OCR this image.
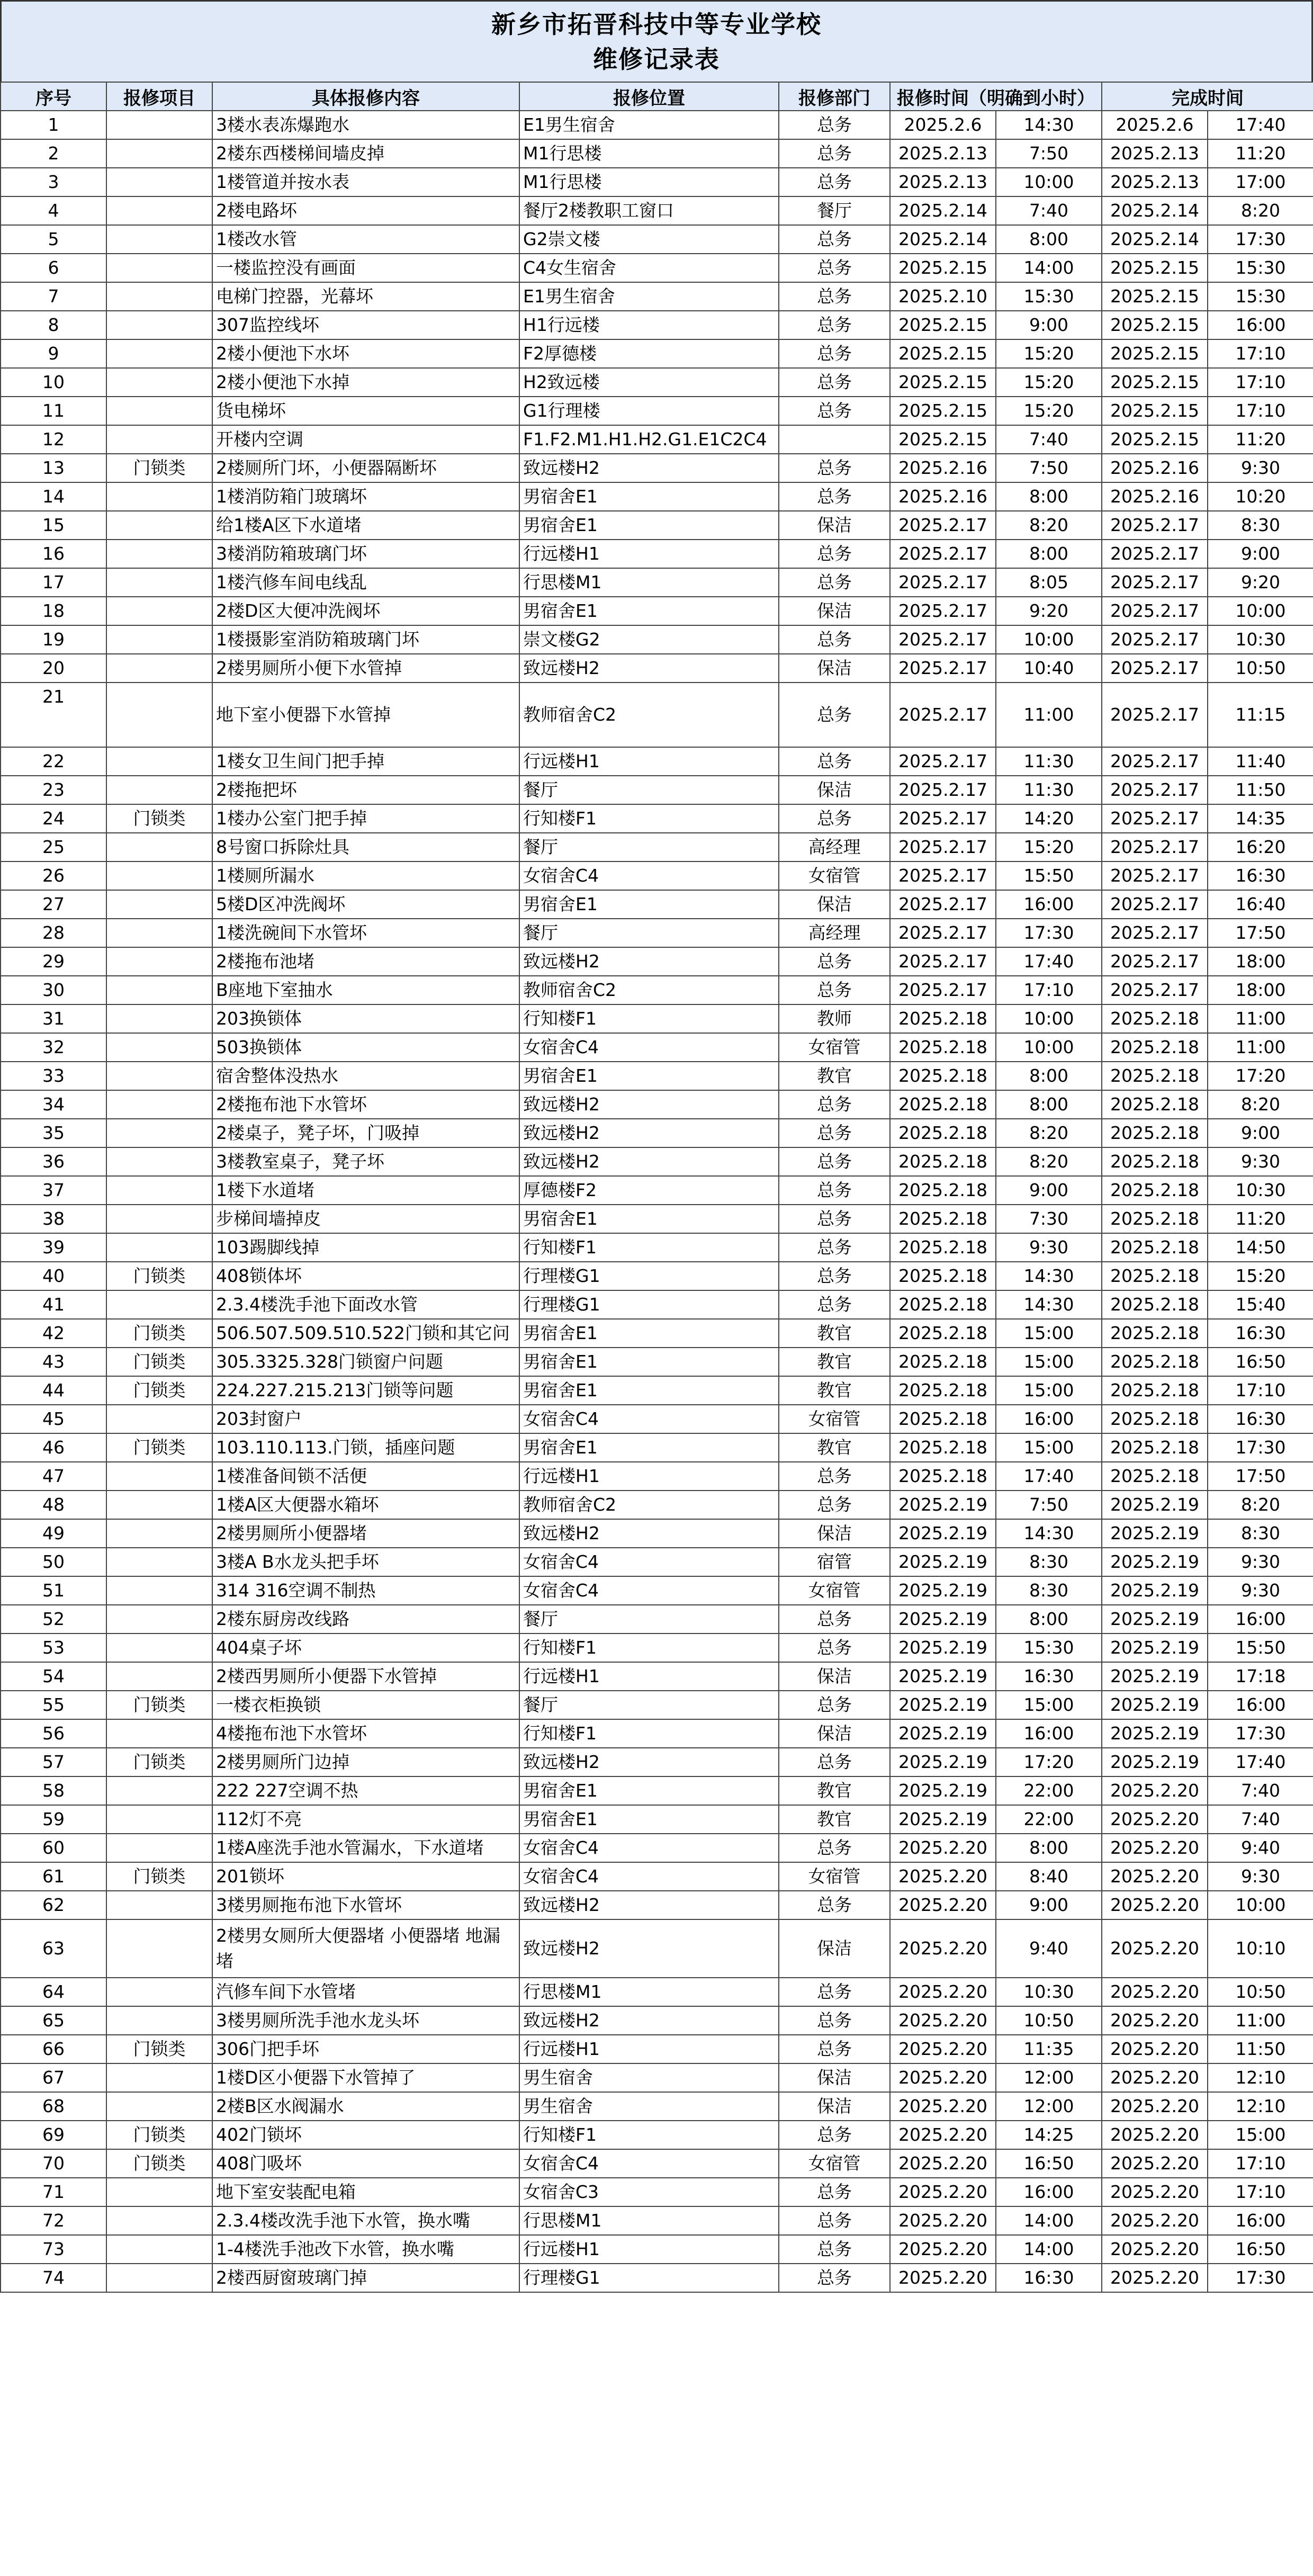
新乡市拓晋科技中等专业学校
维修记录表
序号	报修项目	具体报修内容	报修位置	报修部门	报修时间（明确到小时）		完成时间	
1		3楼水表冻爆跑水	E1男生宿舍	总务	2025.2.6	14:30	2025.2.6	17:40
2		2楼东西楼梯间墙皮掉	M1行思楼	总务	2025.2.13	7:50	2025.2.13	11:20
3		1楼管道并按水表	M1行思楼	总务	2025.2.13	10:00	2025.2.13	17:00
4		2楼电路坏	餐厅2楼教职工窗口	餐厅	2025.2.14	7:40	2025.2.14	8:20
5		1楼改水管	G2崇文楼	总务	2025.2.14	8:00	2025.2.14	17:30
6		一楼监控没有画面	C4女生宿舍	总务	2025.2.15	14:00	2025.2.15	15:30
7		电梯门控器，光幕坏	E1男生宿舍	总务	2025.2.10	15:30	2025.2.15	15:30
8		307监控线坏	H1行远楼	总务	2025.2.15	9:00	2025.2.15	16:00
9		2楼小便池下水坏	F2厚德楼	总务	2025.2.15	15:20	2025.2.15	17:10
10		2楼小便池下水掉	H2致远楼	总务	2025.2.15	15:20	2025.2.15	17:10
11		货电梯坏	G1行理楼	总务	2025.2.15	15:20	2025.2.15	17:10
12		开楼内空调	F1.F2.M1.H1.H2.G1.E1C2C4		2025.2.15	7:40	2025.2.15	11:20
13	门锁类	2楼厕所门坏，小便器隔断坏	致远楼H2	总务	2025.2.16	7:50	2025.2.16	9:30
14		1楼消防箱门玻璃坏	男宿舍E1	总务	2025.2.16	8:00	2025.2.16	10:20
15		给1楼A区下水道堵	男宿舍E1	保洁	2025.2.17	8:20	2025.2.17	8:30
16		3楼消防箱玻璃门坏	行远楼H1	总务	2025.2.17	8:00	2025.2.17	9:00
17		1楼汽修车间电线乱	行思楼M1	总务	2025.2.17	8:05	2025.2.17	9:20
18		2楼D区大便冲洗阀坏	男宿舍E1	保洁	2025.2.17	9:20	2025.2.17	10:00
19		1楼摄影室消防箱玻璃门坏	崇文楼G2	总务	2025.2.17	10:00	2025.2.17	10:30
20		2楼男厕所小便下水管掉	致远楼H2	保洁	2025.2.17	10:40	2025.2.17	10:50
21		地下室小便器下水管掉	教师宿舍C2	总务	2025.2.17	11:00	2025.2.17	11:15
22		1楼女卫生间门把手掉	行远楼H1	总务	2025.2.17	11:30	2025.2.17	11:40
23		2楼拖把坏	餐厅	保洁	2025.2.17	11:30	2025.2.17	11:50
24	门锁类	1楼办公室门把手掉	行知楼F1	总务	2025.2.17	14:20	2025.2.17	14:35
25		8号窗口拆除灶具	餐厅	高经理	2025.2.17	15:20	2025.2.17	16:20
26		1楼厕所漏水	女宿舍C4	女宿管	2025.2.17	15:50	2025.2.17	16:30
27		5楼D区冲洗阀坏	男宿舍E1	保洁	2025.2.17	16:00	2025.2.17	16:40
28		1楼洗碗间下水管坏	餐厅	高经理	2025.2.17	17:30	2025.2.17	17:50
29		2楼拖布池堵	致远楼H2	总务	2025.2.17	17:40	2025.2.17	18:00
30		B座地下室抽水	教师宿舍C2	总务	2025.2.17	17:10	2025.2.17	18:00
31		203换锁体	行知楼F1	教师	2025.2.18	10:00	2025.2.18	11:00
32		503换锁体	女宿舍C4	女宿管	2025.2.18	10:00	2025.2.18	11:00
33		宿舍整体没热水	男宿舍E1	教官	2025.2.18	8:00	2025.2.18	17:20
34		2楼拖布池下水管坏	致远楼H2	总务	2025.2.18	8:00	2025.2.18	8:20
35		2楼桌子，凳子坏，门吸掉	致远楼H2	总务	2025.2.18	8:20	2025.2.18	9:00
36		3楼教室桌子，凳子坏	致远楼H2	总务	2025.2.18	8:20	2025.2.18	9:30
37		1楼下水道堵	厚德楼F2	总务	2025.2.18	9:00	2025.2.18	10:30
38		步梯间墙掉皮	男宿舍E1	总务	2025.2.18	7:30	2025.2.18	11:20
39		103踢脚线掉	行知楼F1	总务	2025.2.18	9:30	2025.2.18	14:50
40	门锁类	408锁体坏	行理楼G1	总务	2025.2.18	14:30	2025.2.18	15:20
41		2.3.4楼洗手池下面改水管	行理楼G1	总务	2025.2.18	14:30	2025.2.18	15:40
42	门锁类	506.507.509.510.522门锁和其它问	男宿舍E1	教官	2025.2.18	15:00	2025.2.18	16:30
43	门锁类	305.3325.328门锁窗户问题	男宿舍E1	教官	2025.2.18	15:00	2025.2.18	16:50
44	门锁类	224.227.215.213门锁等问题	男宿舍E1	教官	2025.2.18	15:00	2025.2.18	17:10
45		203封窗户	女宿舍C4	女宿管	2025.2.18	16:00	2025.2.18	16:30
46	门锁类	103.110.113.门锁，插座问题	男宿舍E1	教官	2025.2.18	15:00	2025.2.18	17:30
47		1楼准备间锁不活便	行远楼H1	总务	2025.2.18	17:40	2025.2.18	17:50
48		1楼A区大便器水箱坏	教师宿舍C2	总务	2025.2.19	7:50	2025.2.19	8:20
49		2楼男厕所小便器堵	致远楼H2	保洁	2025.2.19	14:30	2025.2.19	8:30
50		3楼A B水龙头把手坏	女宿舍C4	宿管	2025.2.19	8:30	2025.2.19	9:30
51		314 316空调不制热	女宿舍C4	女宿管	2025.2.19	8:30	2025.2.19	9:30
52		2楼东厨房改线路	餐厅	总务	2025.2.19	8:00	2025.2.19	16:00
53		404桌子坏	行知楼F1	总务	2025.2.19	15:30	2025.2.19	15:50
54		2楼西男厕所小便器下水管掉	行远楼H1	保洁	2025.2.19	16:30	2025.2.19	17:18
55	门锁类	一楼衣柜换锁	餐厅	总务	2025.2.19	15:00	2025.2.19	16:00
56		4楼拖布池下水管坏	行知楼F1	保洁	2025.2.19	16:00	2025.2.19	17:30
57	门锁类	2楼男厕所门边掉	致远楼H2	总务	2025.2.19	17:20	2025.2.19	17:40
58		222 227空调不热	男宿舍E1	教官	2025.2.19	22:00	2025.2.20	7:40
59		112灯不亮	男宿舍E1	教官	2025.2.19	22:00	2025.2.20	7:40
60		1楼A座洗手池水管漏水，下水道堵	女宿舍C4	总务	2025.2.20	8:00	2025.2.20	9:40
61	门锁类	201锁坏	女宿舍C4	女宿管	2025.2.20	8:40	2025.2.20	9:30
62		3楼男厕拖布池下水管坏	致远楼H2	总务	2025.2.20	9:00	2025.2.20	10:00
63		2楼男女厕所大便器堵 小便器堵 地漏堵	致远楼H2	保洁	2025.2.20	9:40	2025.2.20	10:10
64		汽修车间下水管堵	行思楼M1	总务	2025.2.20	10:30	2025.2.20	10:50
65		3楼男厕所洗手池水龙头坏	致远楼H2	总务	2025.2.20	10:50	2025.2.20	11:00
66	门锁类	306门把手坏	行远楼H1	总务	2025.2.20	11:35	2025.2.20	11:50
67		1楼D区小便器下水管掉了	男生宿舍	保洁	2025.2.20	12:00	2025.2.20	12:10
68		2楼B区水阀漏水	男生宿舍	保洁	2025.2.20	12:00	2025.2.20	12:10
69	门锁类	402门锁坏	行知楼F1	总务	2025.2.20	14:25	2025.2.20	15:00
70	门锁类	408门吸坏	女宿舍C4	女宿管	2025.2.20	16:50	2025.2.20	17:10
71		地下室安装配电箱	女宿舍C3	总务	2025.2.20	16:00	2025.2.20	17:10
72		2.3.4楼改洗手池下水管，换水嘴	行思楼M1	总务	2025.2.20	14:00	2025.2.20	16:00
73		1-4楼洗手池改下水管，换水嘴	行远楼H1	总务	2025.2.20	14:00	2025.2.20	16:50
74		2楼西厨窗玻璃门掉	行理楼G1	总务	2025.2.20	16:30	2025.2.20	17:30
